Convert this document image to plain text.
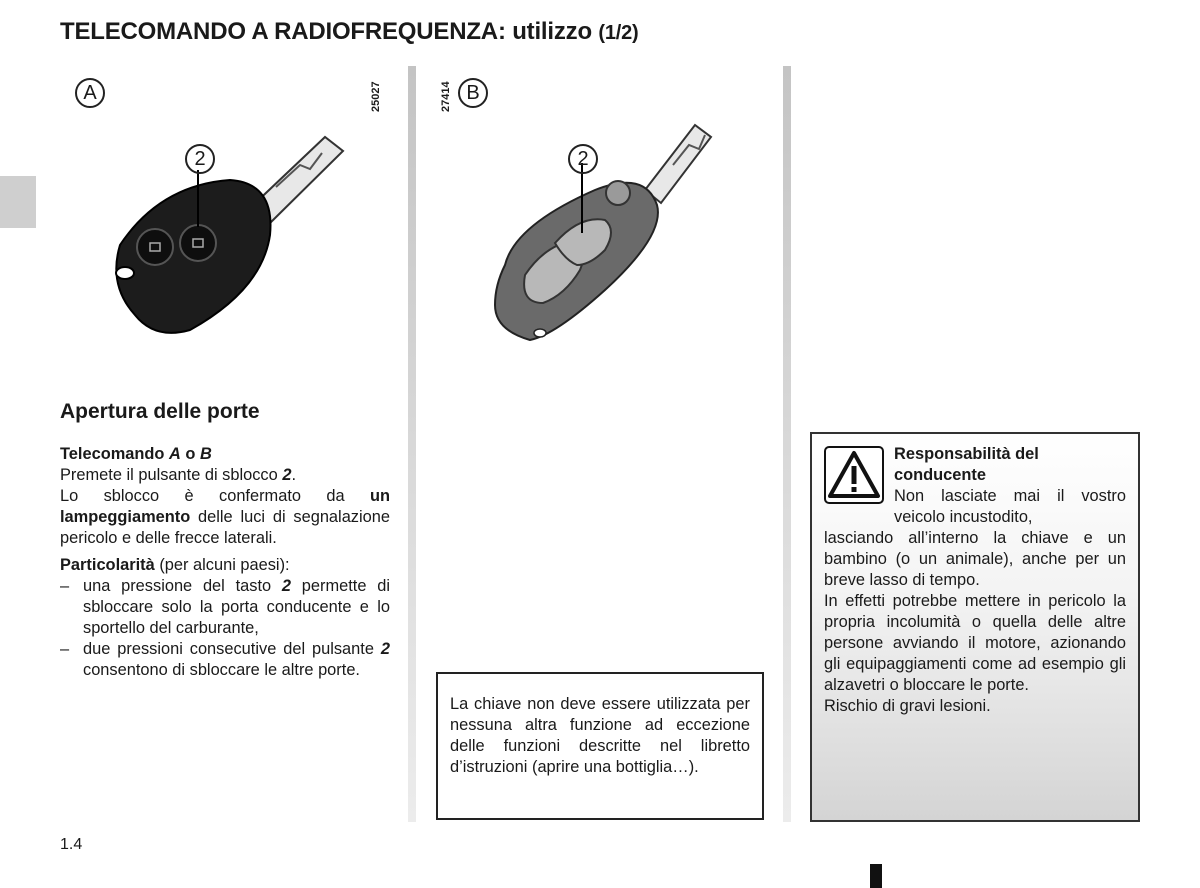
TELECOMANDO A RADIOFREQUENZA: utilizzo (1/2)
A	25027
2
27414 B
2
Apertura delle porte

Telecomando A o B

Premete il pulsante di sblocco 2.

Lo sblocco è confermato da un lampeggiamento delle luci di segnalazione pericolo e delle frecce laterali.

Particolarità (per alcuni paesi):

– una pressione del tasto 2 permette di sbloccare solo la porta conducente e lo sportello del carburante,
– due pressioni consecutive del pulsante 2 consentono di sbloccare le altre porte.
La chiave non deve essere utilizzata per nessuna altra funzione ad eccezione delle funzioni descritte nel libretto d’istruzioni (aprire una bottiglia…).
Responsabilità del conducente
Non lasciate mai il vostro veicolo incustodito,
lasciando all’interno la chiave e un bambino (o un animale), anche per un breve lasso di tempo.
In effetti potrebbe mettere in pericolo la propria incolumità o quella delle altre persone avviando il motore, azionando gli equipaggiamenti come ad esempio gli alzavetri o bloccare le porte.
Rischio di gravi lesioni.
1.4
